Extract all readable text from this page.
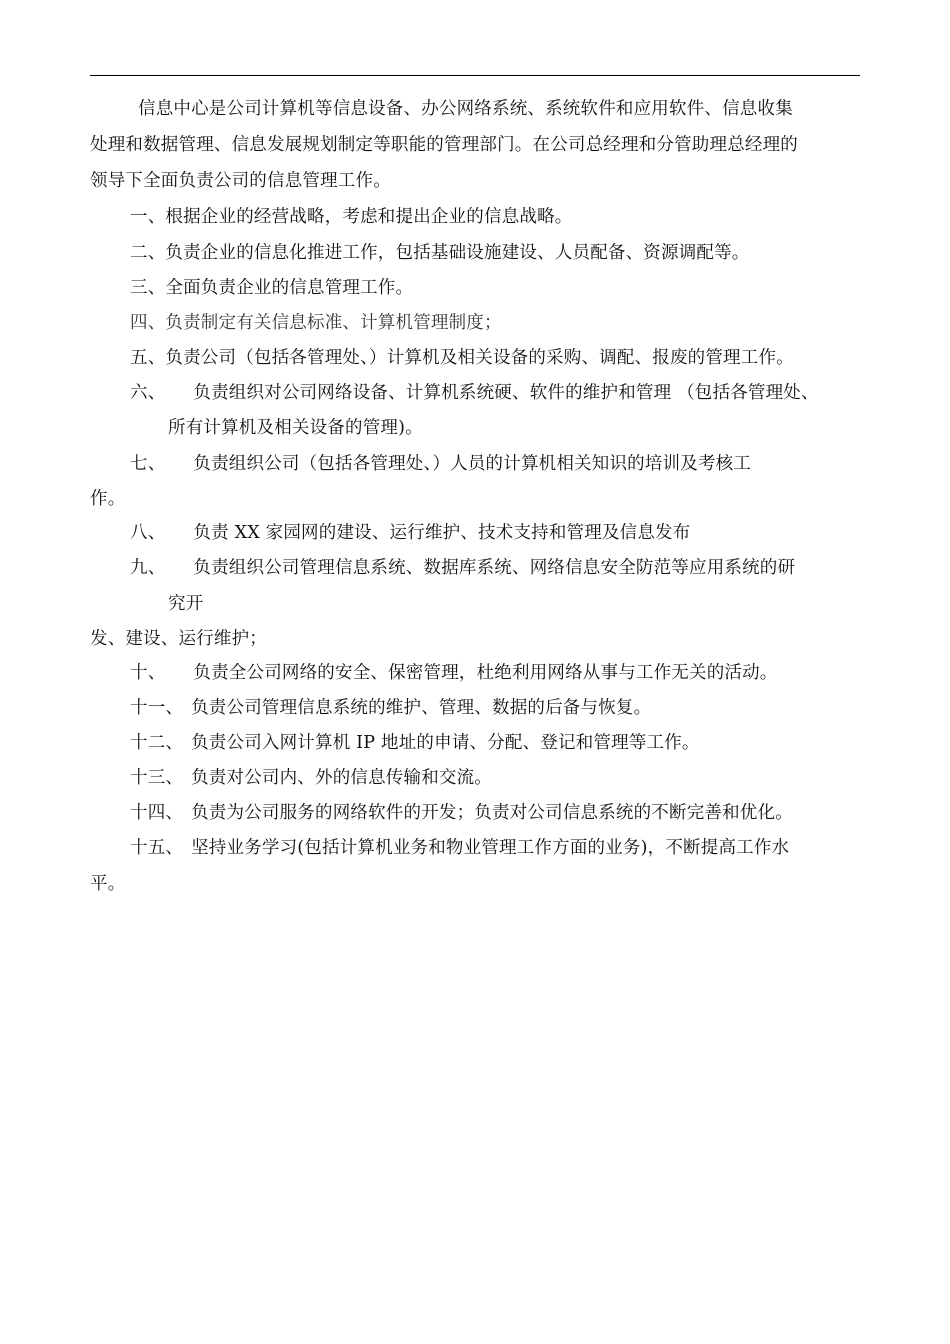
信息中心是公司计算机等信息设备、办公网络系统、系统软件和应用软件、信息收集
处理和数据管理、信息发展规划制定等职能的管理部门。在公司总经理和分管助理总经理的
领导下全面负责公司的信息管理工作。
一、根据企业的经营战略，考虑和提出企业的信息战略。
二、负责企业的信息化推进工作，包括基础设施建设、人员配备、资源调配等。
三、全面负责企业的信息管理工作。
四、负责制定有关信息标准、计算机管理制度；
五、负责公司（包括各管理处、）计算机及相关设备的采购、调配、报废的管理工作。
六、 负责组织对公司网络设备、计算机系统硬、软件的维护和管理 （包括各管理处、
所有计算机及相关设备的管理)。
七、 负责组织公司（包括各管理处、）人员的计算机相关知识的培训及考核工
作。
八、 负责 XX 家园网的建设、运行维护、技术支持和管理及信息发布
九、 负责组织公司管理信息系统、数据库系统、网络信息安全防范等应用系统的研
究开
发、建设、运行维护；
十、 负责全公司网络的安全、保密管理，杜绝利用网络从事与工作无关的活动。
十一、 负责公司管理信息系统的维护、管理、数据的后备与恢复。
十二、 负责公司入网计算机 IP 地址的申请、分配、登记和管理等工作。
十三、 负责对公司内、外的信息传输和交流。
十四、 负责为公司服务的网络软件的开发；负责对公司信息系统的不断完善和优化。
十五、 坚持业务学习(包括计算机业务和物业管理工作方面的业务)，不断提高工作水
平。
